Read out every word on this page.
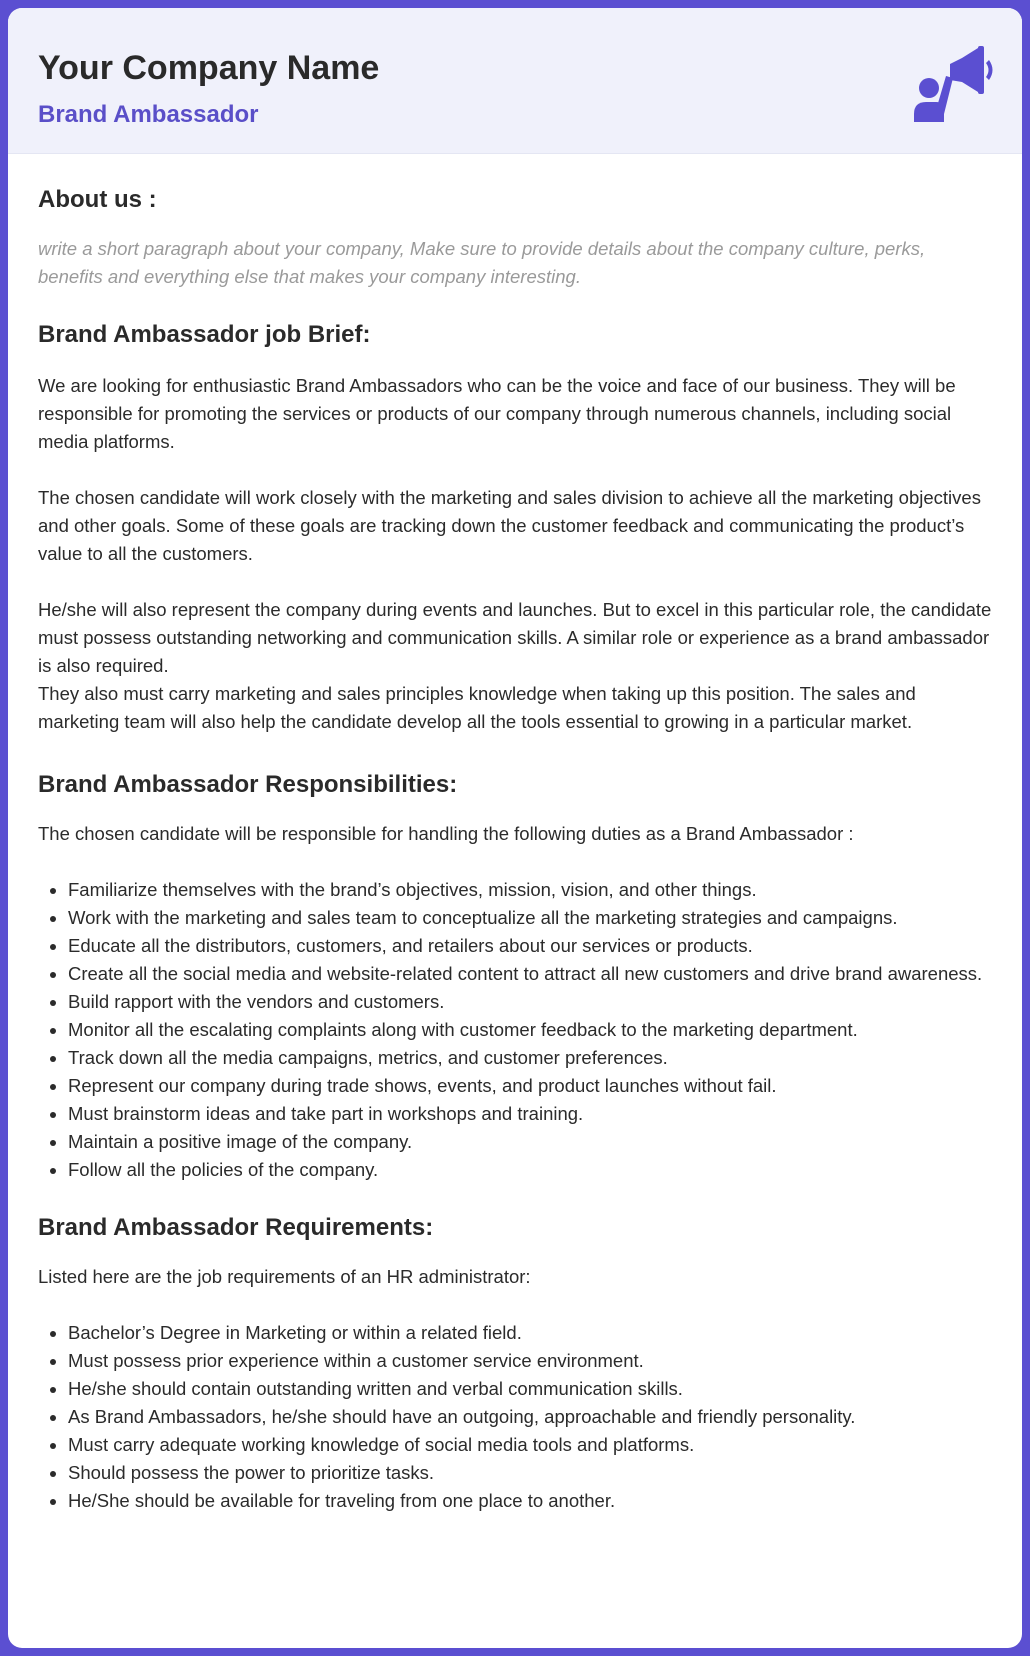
Your Company Name
Brand Ambassador
About us :

write a short paragraph about your company, Make sure to provide details about the company culture, perks, benefits and everything else that makes your company interesting.

Brand Ambassador job Brief:

We are looking for enthusiastic Brand Ambassadors who can be the voice and face of our business. They will be responsible for promoting the services or products of our company through numerous channels, including social media platforms.

The chosen candidate will work closely with the marketing and sales division to achieve all the marketing objectives and other goals. Some of these goals are tracking down the customer feedback and communicating the product’s value to all the customers.

He/she will also represent the company during events and launches. But to excel in this particular role, the candidate must possess outstanding networking and communication skills. A similar role or experience as a brand ambassador is also required.

They also must carry marketing and sales principles knowledge when taking up this position. The sales and marketing team will also help the candidate develop all the tools essential to growing in a particular market.

Brand Ambassador Responsibilities:

The chosen candidate will be responsible for handling the following duties as a Brand Ambassador :

• Familiarize themselves with the brand’s objectives, mission, vision, and other things.
• Work with the marketing and sales team to conceptualize all the marketing strategies and campaigns.
• Educate all the distributors, customers, and retailers about our services or products.
• Create all the social media and website-related content to attract all new customers and drive brand awareness.
• Build rapport with the vendors and customers.
• Monitor all the escalating complaints along with customer feedback to the marketing department.
• Track down all the media campaigns, metrics, and customer preferences.
• Represent our company during trade shows, events, and product launches without fail.
• Must brainstorm ideas and take part in workshops and training.
• Maintain a positive image of the company.
• Follow all the policies of the company.
Brand Ambassador Requirements:

Listed here are the job requirements of an HR administrator:

• Bachelor’s Degree in Marketing or within a related field.
• Must possess prior experience within a customer service environment.
• He/she should contain outstanding written and verbal communication skills.
• As Brand Ambassadors, he/she should have an outgoing, approachable and friendly personality.
• Must carry adequate working knowledge of social media tools and platforms.
• Should possess the power to prioritize tasks.
• He/She should be available for traveling from one place to another.
